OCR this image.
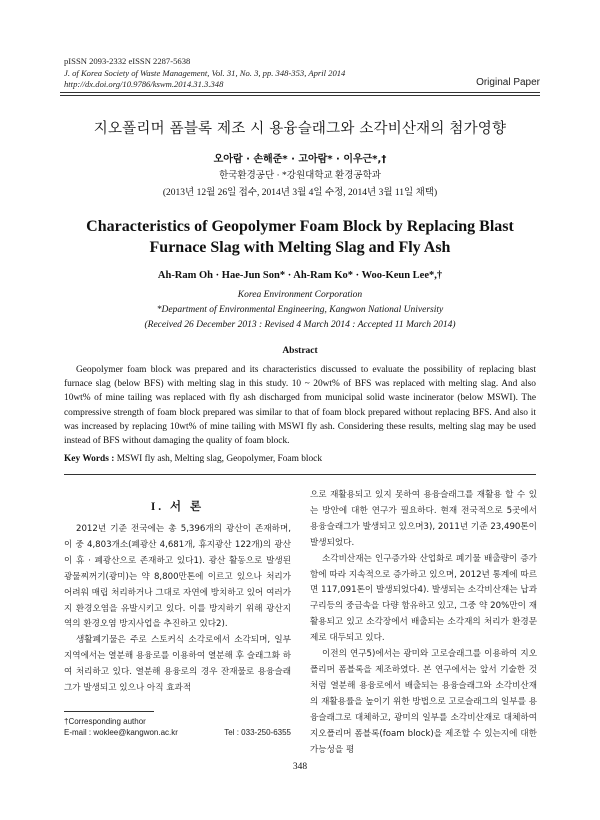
pISSN 2093-2332 eISSN 2287-5638
J. of Korea Society of Waste Management, Vol. 31, No. 3, pp. 348-353, April 2014
http://dx.doi.org/10.9786/kswm.2014.31.3.348	Original Paper
지오폴리머 폼블록 제조 시 용융슬래그와 소각비산재의 첨가영향
오아람 · 손해준* · 고아람* · 이우근*,†
한국환경공단 · *강원대학교 환경공학과
(2013년 12월 26일 접수, 2014년 3월 4일 수정, 2014년 3월 11일 채택)
Characteristics of Geopolymer Foam Block by Replacing Blast Furnace Slag with Melting Slag and Fly Ash
Ah-Ram Oh · Hae-Jun Son* · Ah-Ram Ko* · Woo-Keun Lee*,†
Korea Environment Corporation
*Department of Environmental Engineering, Kangwon National University
(Received 26 December 2013 : Revised 4 March 2014 : Accepted 11 March 2014)
Abstract

Geopolymer foam block was prepared and its characteristics discussed to evaluate the possibility of replacing blast furnace slag (below BFS) with melting slag in this study. 10 ~ 20wt% of BFS was replaced with melting slag. And also 10wt% of mine tailing was replaced with fly ash discharged from municipal solid waste incinerator (below MSWI). The compressive strength of foam block prepared was similar to that of foam block prepared without replacing BFS. And also it was increased by replacing 10wt% of mine tailing with MSWI fly ash. Considering these results, melting slag may be used instead of BFS without damaging the quality of foam block.

Key Words : MSWI fly ash, Melting slag, Geopolymer, Foam block
I. 서 론

2012년 기준 전국에는 총 5,396개의 광산이 존재하며, 이 중 4,803개소(폐광산 4,681개, 휴지광산 122개)의 광산이 휴 · 폐광산으로 존재하고 있다1). 광산 활동으로 발생된 광물찌꺼기(광미)는 약 8,800만톤에 이르고 있으나 처리가 어려워 매립 처리하거나 그대로 자연에 방치하고 있어 여러가지 환경오염을 유발시키고 있다. 이를 방지하기 위해 광산지역의 환경오염 방지사업을 추진하고 있다2).

생활폐기물은 주로 스토커식 소각로에서 소각되며, 일부 지역에서는 열분해 용융로를 이용하여 열분해 후 슬래그화 하여 처리하고 있다. 열분해 용융로의 경우 잔재물로 용융슬래그가 발생되고 있으나 아직 효과적

으로 재활용되고 있지 못하여 용융슬래그를 재활용 할 수 있는 방안에 대한 연구가 필요하다. 현재 전국적으로 5곳에서 용융슬래그가 발생되고 있으며3), 2011년 기준 23,490톤이 발생되었다.

소각비산재는 인구증가와 산업화로 폐기물 배출량이 증가함에 따라 지속적으로 증가하고 있으며, 2012년 통계에 따르면 117,091톤이 발생되었다4). 발생되는 소각비산재는 납과 구리등의 중금속을 다량 함유하고 있고, 그중 약 20%만이 재활용되고 있고 소각장에서 배출되는 소각재의 처리가 환경문제로 대두되고 있다.

이전의 연구5)에서는 광미와 고로슬래그를 이용하여 지오폴리머 폼블록을 제조하였다. 본 연구에서는 앞서 기술한 것처럼 열분해 용융로에서 배출되는 용융슬래그와 소각비산재의 재활용률을 높이기 위한 방법으로 고로슬래그의 일부를 용융슬래그로 대체하고, 광미의 일부를 소각비산재로 대체하여 지오폴리머 폼블록(foam block)을 제조할 수 있는지에 대한 가능성을 평

†Corresponding author
E-mail : woklee@kangwon.ac.kr	Tel : 033-250-6355
348
